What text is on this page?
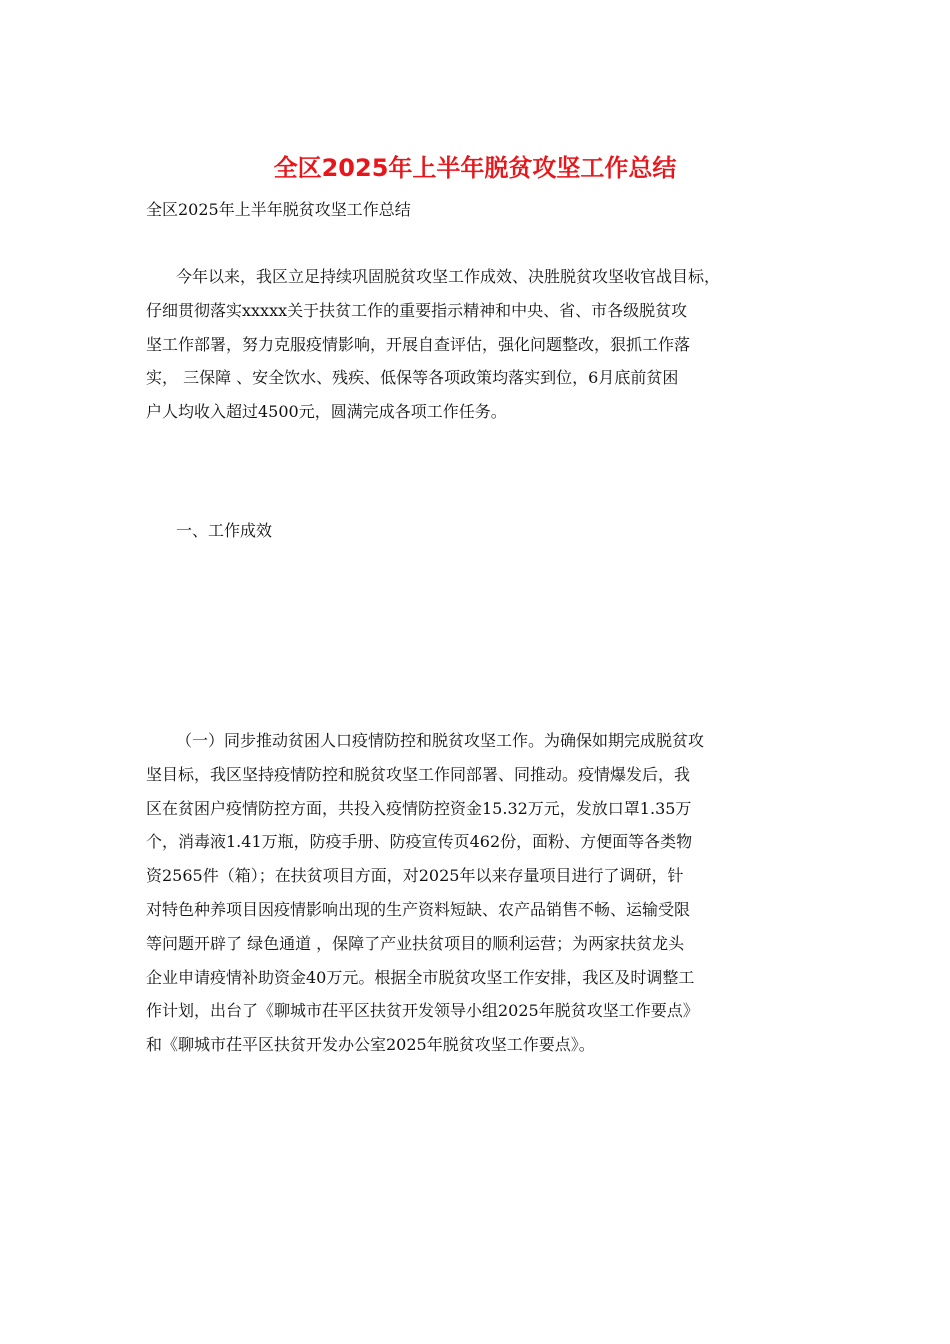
全区2025年上半年脱贫攻坚工作总结

全区2025年上半年脱贫攻坚工作总结

今年以来，我区立足持续巩固脱贫攻坚工作成效、决胜脱贫攻坚收官战目标，
仔细贯彻落实xxxxx关于扶贫工作的重要指示精神和中央、省、市各级脱贫攻
坚工作部署，努力克服疫情影响，开展自查评估，强化问题整改，狠抓工作落
实， 三保障 、安全饮水、残疾、低保等各项政策均落实到位，6月底前贫困
户人均收入超过4500元，圆满完成各项工作任务。

一、工作成效

（一）同步推动贫困人口疫情防控和脱贫攻坚工作。为确保如期完成脱贫攻
坚目标，我区坚持疫情防控和脱贫攻坚工作同部署、同推动。疫情爆发后，我
区在贫困户疫情防控方面，共投入疫情防控资金15.32万元，发放口罩1.35万
个，消毒液1.41万瓶，防疫手册、防疫宣传页462份，面粉、方便面等各类物
资2565件（箱）；在扶贫项目方面，对2025年以来存量项目进行了调研，针
对特色种养项目因疫情影响出现的生产资料短缺、农产品销售不畅、运输受限
等问题开辟了 绿色通道 ，保障了产业扶贫项目的顺利运营；为两家扶贫龙头
企业申请疫情补助资金40万元。根据全市脱贫攻坚工作安排，我区及时调整工
作计划，出台了《聊城市茌平区扶贫开发领导小组2025年脱贫攻坚工作要点》
和《聊城市茌平区扶贫开发办公室2025年脱贫攻坚工作要点》。
